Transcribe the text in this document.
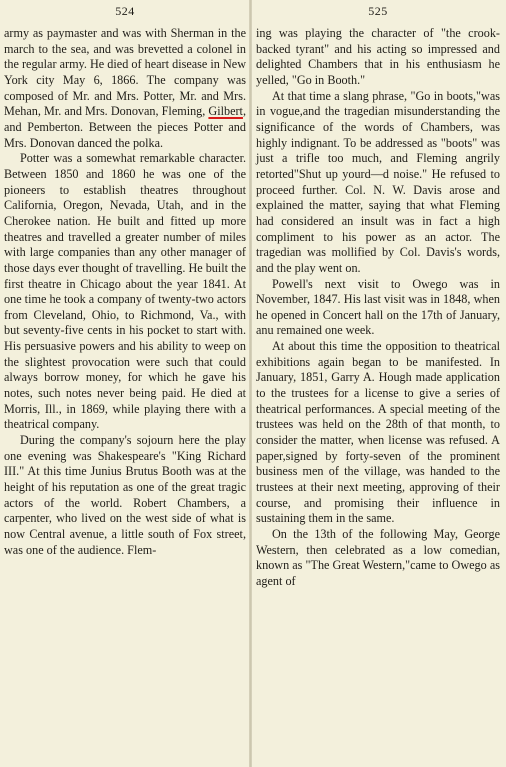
524

army as paymaster and was with Sherman in the march to the sea, and was brevetted a colonel in the regular army. He died of heart disease in New York city May 6, 1866. The company was composed of Mr. and Mrs. Potter, Mr. and Mrs. Mehan, Mr. and Mrs. Donovan, Fleming, Gilbert, and Pemberton. Between the pieces Potter and Mrs. Donovan danced the polka.

Potter was a somewhat remarkable character. Between 1850 and 1860 he was one of the pioneers to establish theatres throughout California, Oregon, Nevada, Utah, and in the Cherokee nation. He built and fitted up more theatres and travelled a greater number of miles with large companies than any other manager of those days ever thought of travelling. He built the first theatre in Chicago about the year 1841. At one time he took a company of twenty-two actors from Cleveland, Ohio, to Richmond, Va., with but seventy-five cents in his pocket to start with. His persuasive powers and his ability to weep on the slightest provocation were such that could always borrow money, for which he gave his notes, such notes never being paid. He died at Morris, Ill., in 1869, while playing there with a theatrical company.

During the company's sojourn here the play one evening was Shakespeare's "King Richard III." At this time Junius Brutus Booth was at the height of his reputation as one of the great tragic actors of the world. Robert Chambers, a carpenter, who lived on the west side of what is now Central avenue, a little south of Fox street, was one of the audience. Flem-

525

ing was playing the character of "the crook-backed tyrant" and his acting so impressed and delighted Chambers that in his enthusiasm he yelled, "Go in Booth."

At that time a slang phrase, "Go in boots,"was in vogue,and the tragedian misunderstanding the significance of the words of Chambers, was highly indignant. To be addressed as "boots" was just a trifle too much, and Fleming angrily retorted"Shut up yourd—d noise." He refused to proceed further. Col. N. W. Davis arose and explained the matter, saying that what Fleming had considered an insult was in fact a high compliment to his power as an actor. The tragedian was mollified by Col. Davis's words, and the play went on.

Powell's next visit to Owego was in November, 1847. His last visit was in 1848, when he opened in Concert hall on the 17th of January, anu remained one week.

At about this time the opposition to theatrical exhibitions again began to be manifested. In January, 1851, Garry A. Hough made application to the trustees for a license to give a series of theatrical performances. A special meeting of the trustees was held on the 28th of that month, to consider the matter, when license was refused. A paper,signed by forty-seven of the prominent business men of the village, was handed to the trustees at their next meeting, approving of their course, and promising their influence in sustaining them in the same.

On the 13th of the following May, George Western, then celebrated as a low comedian, known as "The Great Western,"came to Owego as agent of
